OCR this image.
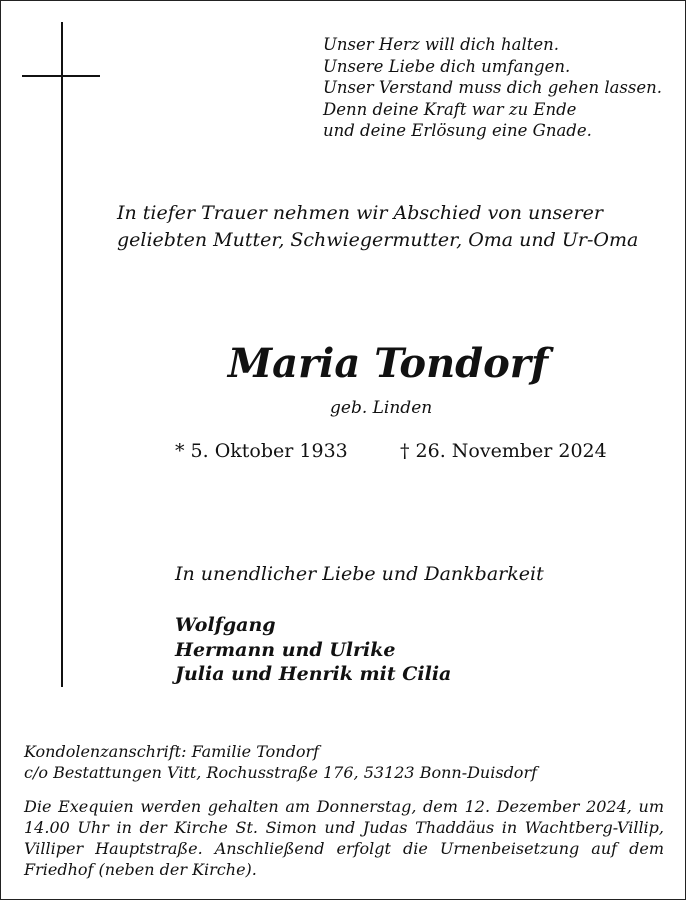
Unser Herz will dich halten.
Unsere Liebe dich umfangen.
Unser Verstand muss dich gehen lassen.
Denn deine Kraft war zu Ende
und deine Erlösung eine Gnade.
In tiefer Trauer nehmen wir Abschied von unserer
geliebten Mutter, Schwiegermutter, Oma und Ur-Oma
Maria Tondorf
geb. Linden
* 5. Oktober 1933	† 26. November 2024
In unendlicher Liebe und Dankbarkeit
Wolfgang
Hermann und Ulrike
Julia und Henrik mit Cilia
Kondolenzanschrift: Familie Tondorf
c/o Bestattungen Vitt, Rochusstraße 176, 53123 Bonn-Duisdorf
Die Exequien werden gehalten am Donnerstag, dem 12. Dezember 2024, um 14.00 Uhr in der Kirche St. Simon und Judas Thaddäus in Wachtberg-Villip, Villiper Hauptstraße. Anschließend erfolgt die Urnenbeisetzung auf dem Friedhof (neben der Kirche).
